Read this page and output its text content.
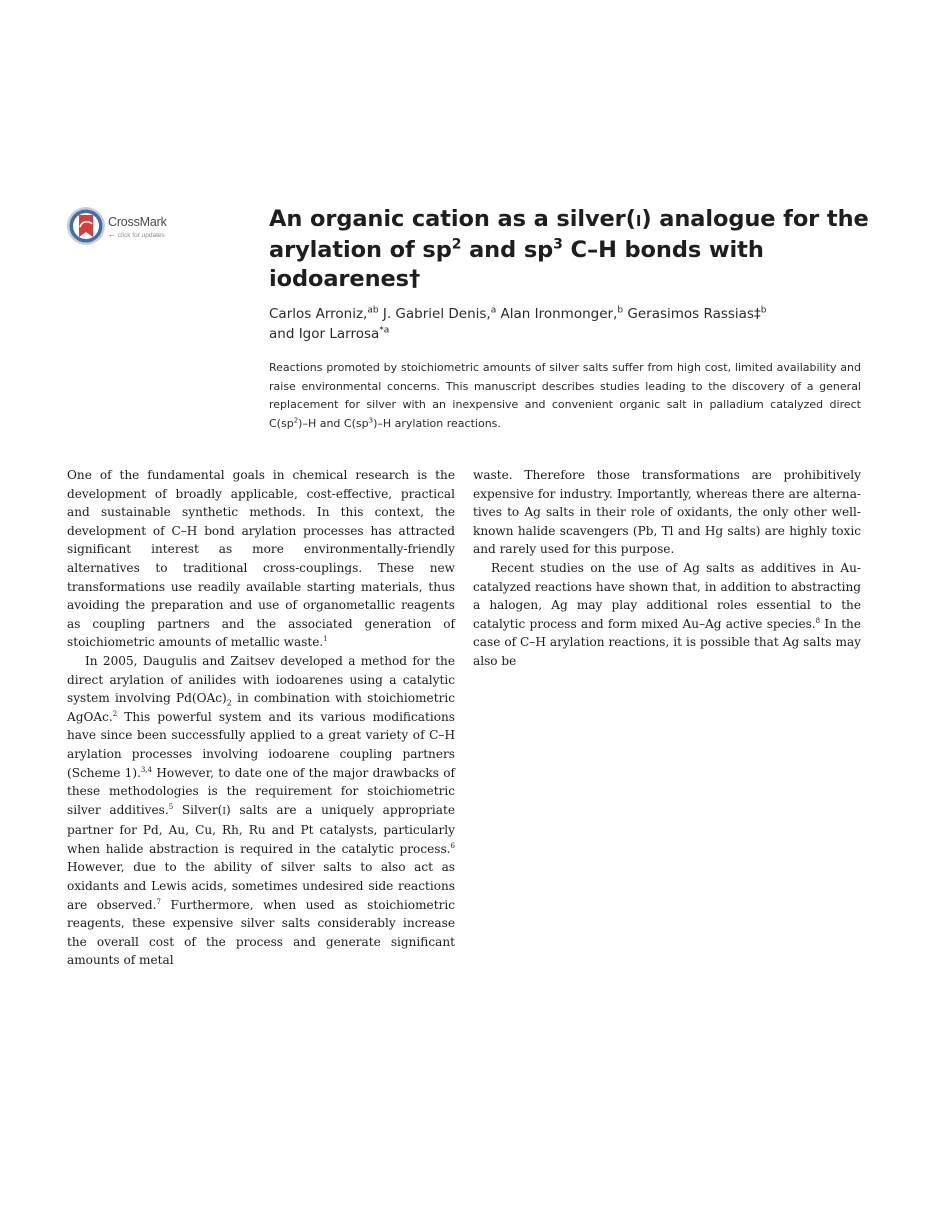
CrossMark
← click for updates
An organic cation as a silver(I) analogue for the arylation of $sp^2$ and $sp^3$ C–H bonds with iodoarenes†

Carlos Arroniz,$^{ab}$ J. Gabriel Denis,$^a$ Alan Ironmonger,$^b$ Gerasimos Rassias‡$^b$
and Igor Larrosa$^{*a}$

Reactions promoted by stoichiometric amounts of silver salts suffer from high cost, limited availability and raise environmental concerns. This manuscript describes studies leading to the discovery of a general replacement for silver with an inexpensive and convenient organic salt in palladium catalyzed direct $C(sp^2)-H$ and $C(sp^3)-H$ arylation reactions.

One of the fundamental goals in chemical research is the development of broadly applicable, cost-effective, practical and sustainable synthetic methods. In this context, the development of C–H bond arylation processes has attracted significant interest as more environmentally-friendly alternatives to traditional cross-couplings. These new transformations use readily available starting materials, thus avoiding the preparation and use of organometallic reagents as coupling partners and the associated generation of stoichiometric amounts of metallic waste.$^1$

In 2005, Daugulis and Zaitsev developed a method for the direct arylation of anilides with iodoarenes using a catalytic system involving $Pd(OAc)_2$ in combination with stoichiometric AgOAc.$^2$ This powerful system and its various modifications have since been successfully applied to a great variety of C–H arylation processes involving iodoarene coupling partners (Scheme 1).$^{3,4}$ However, to date one of the major drawbacks of these methodologies is the requirement for stoichiometric silver additives.$^5$ Silver(I) salts are a uniquely appropriate partner for Pd, Au, Cu, Rh, Ru and Pt catalysts, particularly when halide abstraction is required in the catalytic process.$^6$ However, due to the ability of silver salts to also act as oxidants and Lewis acids, sometimes undesired side reactions are observed.$^7$ Furthermore, when used as stoichiometric reagents, these expensive silver salts considerably increase the overall cost of the process and generate significant amounts of metal

waste. Therefore those transformations are prohibitively expensive for industry. Importantly, whereas there are alternatives to Ag salts in their role of oxidants, the only other well-known halide scavengers (Pb, Tl and Hg salts) are highly toxic and rarely used for this purpose.

Recent studies on the use of Ag salts as additives in Au-catalyzed reactions have shown that, in addition to abstracting a halogen, Ag may play additional roles essential to the catalytic process and form mixed Au–Ag active species.$^8$ In the case of C–H arylation reactions, it is possible that Ag salts may also be
